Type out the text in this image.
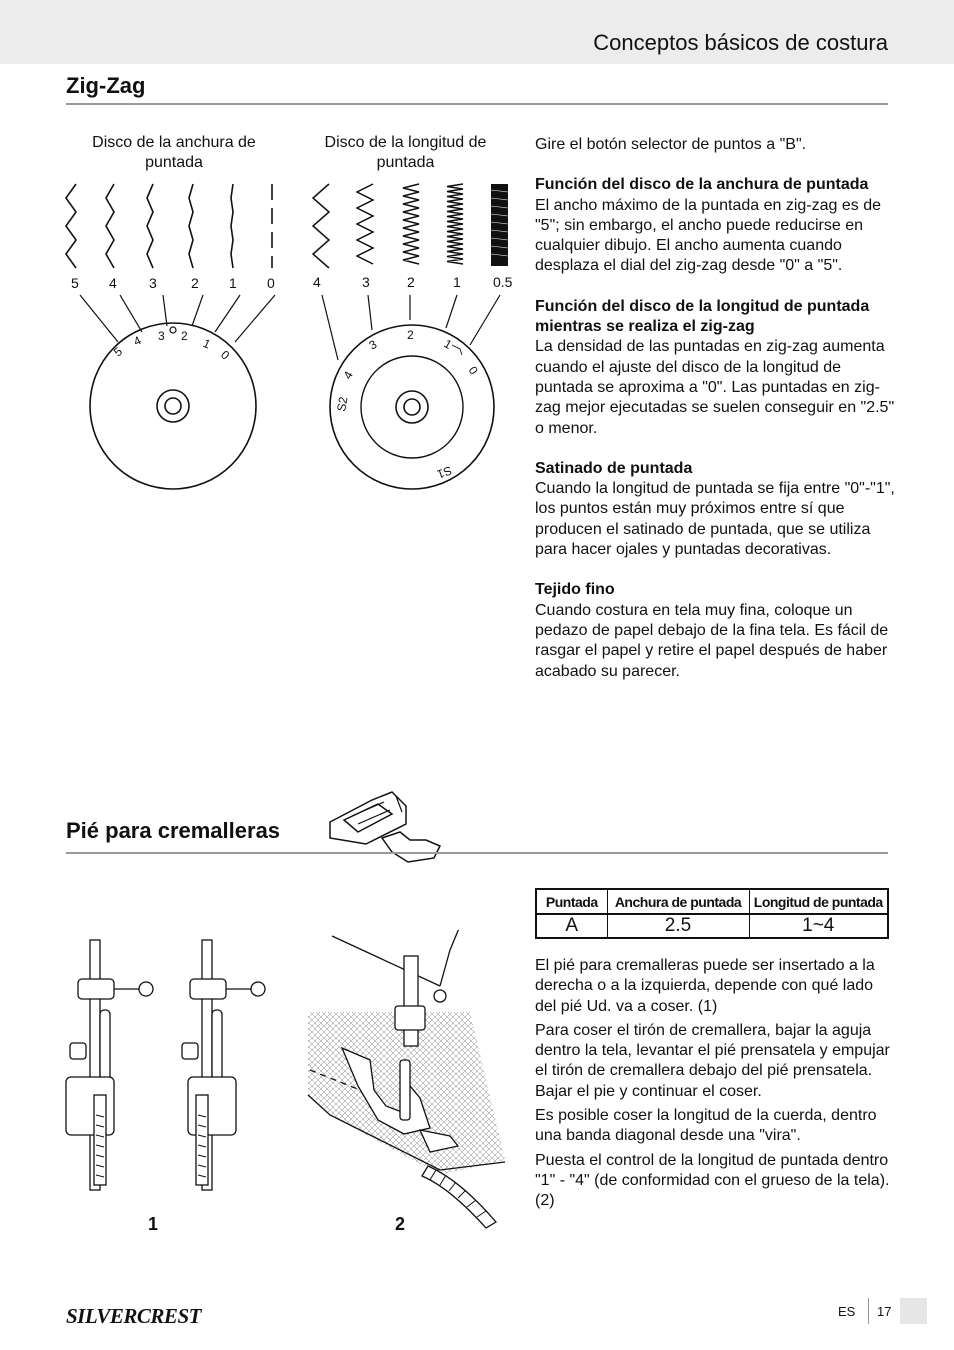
Conceptos básicos de costura
Zig-Zag
Disco de la anchura de puntada
Disco de la longitud de puntada
5 4 3 2 1 0
5
4 3 2
1
0
4	3	2	1 0.5
S2
4
3
2
1
0
S1

Gire el botón selector de puntos a "B".

Función del disco de la anchura de puntada
El ancho máximo de la puntada en zig-zag es de "5"; sin embargo, el ancho puede reducirse en cualquier dibujo. El ancho aumenta cuando desplaza el dial del zig-zag desde "0" a "5".

Función del disco de la longitud de puntada mientras se realiza el zig-zag
La densidad de las puntadas en zig-zag aumenta cuando el ajuste del disco de la longitud de puntada se aproxima a "0". Las puntadas en zig-zag mejor ejecutadas se suelen conseguir en "2.5" o menor.

Satinado de puntada
Cuando la longitud de puntada se fija entre "0"-"1", los puntos están muy próximos entre sí que producen el satinado de puntada, que se utiliza para hacer ojales y puntadas decorativas.

Tejido fino
Cuando costura en tela muy fina, coloque un pedazo de papel debajo de la fina tela. Es fácil de rasgar el papel y retire el papel después de haber acabado su parecer.

Pié para cremalleras
Puntada	Anchura de puntada	Longitud de puntada
A	2.5	1~4

El pié para cremalleras puede ser insertado a la derecha o a la izquierda, depende con qué lado del pié Ud. va a coser. (1)

Para coser el tirón de cremallera, bajar la aguja dentro la tela, levantar el pié prensatela y empujar el tirón de cremallera debajo del pié prensatela. Bajar el pie y continuar el coser.

Es posible coser la longitud de la cuerda, dentro una banda diagonal desde una "vira".

Puesta el control de la longitud de puntada dentro "1" - "4" (de conformidad con el grueso de la tela). (2)

1	2
SILVERCREST	ES 17
